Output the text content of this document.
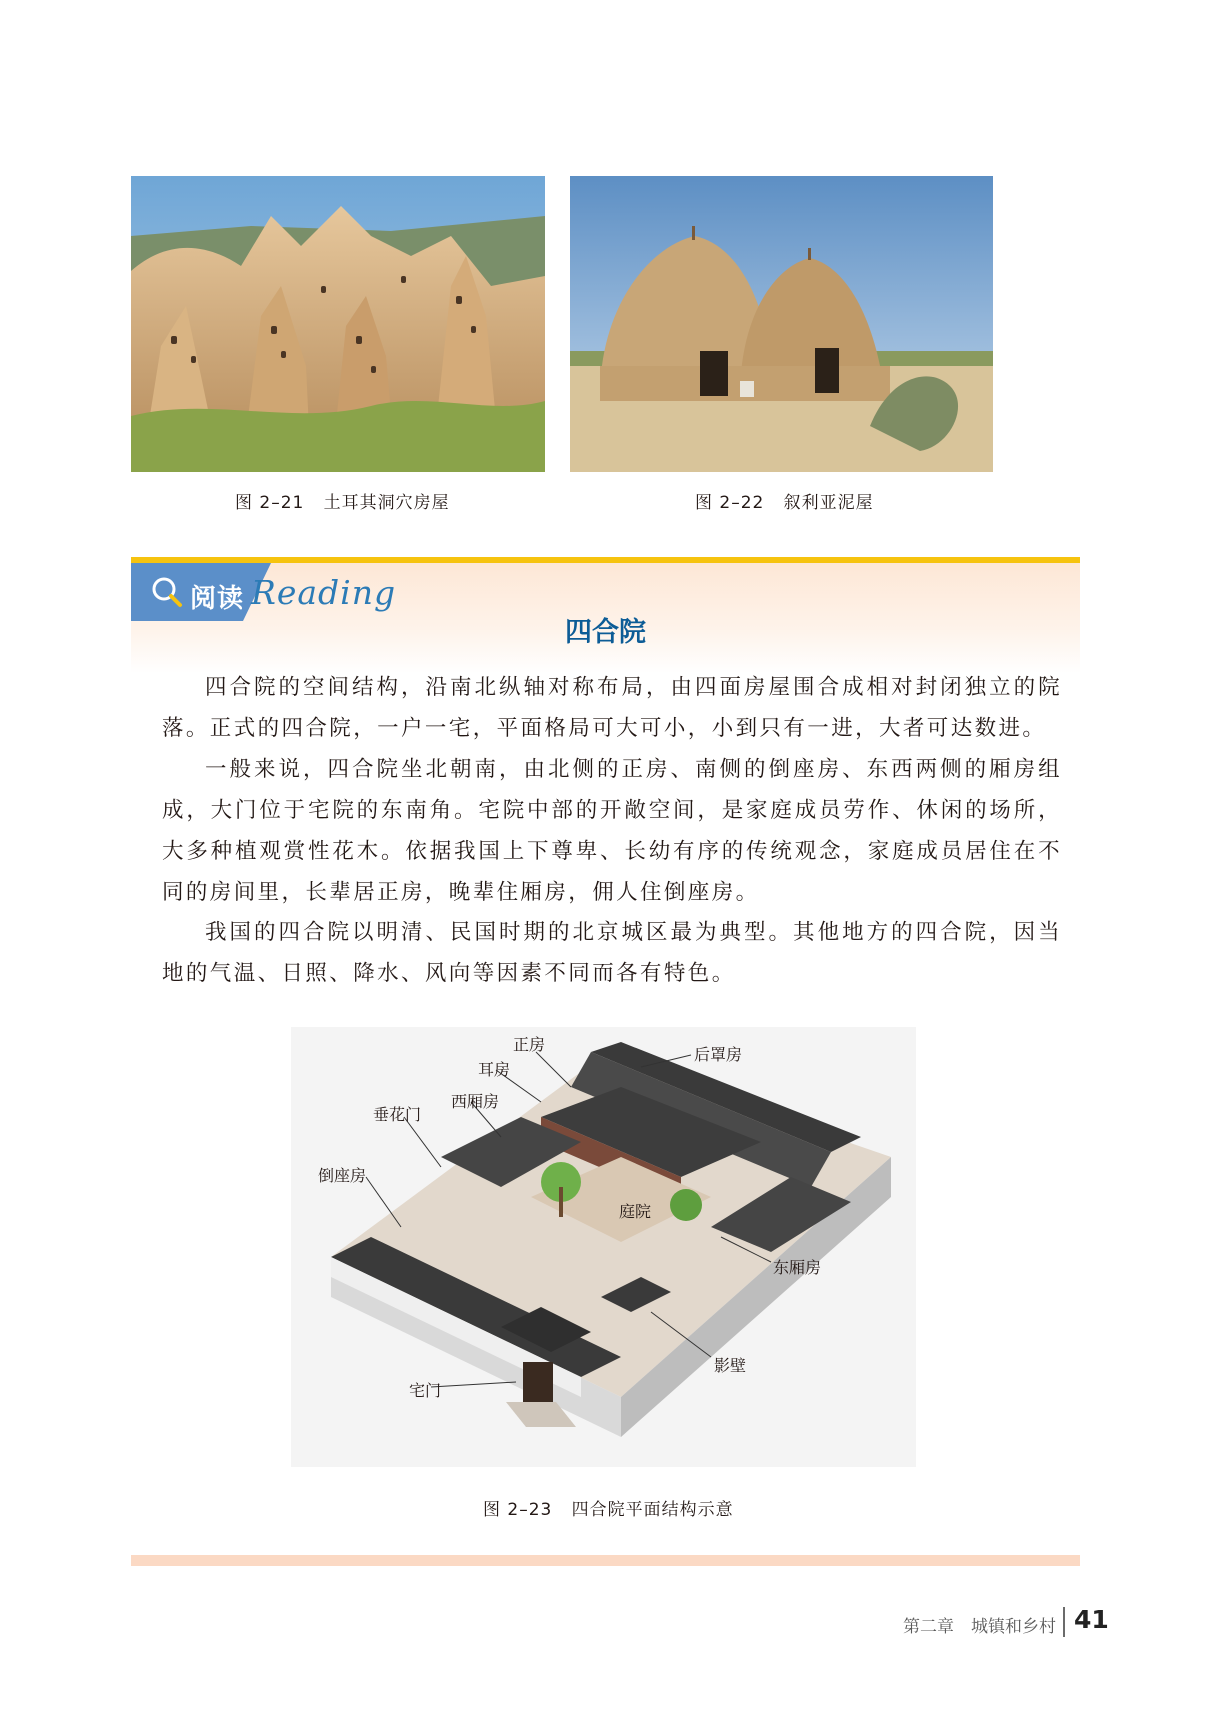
图 2–21 土耳其洞穴房屋	图 2–22 叙利亚泥屋
阅读 Reading
四合院

四合院的空间结构，沿南北纵轴对称布局，由四面房屋围合成相对封闭独立的院落。正式的四合院，一户一宅，平面格局可大可小，小到只有一进，大者可达数进。

一般来说，四合院坐北朝南，由北侧的正房、南侧的倒座房、东西两侧的厢房组成，大门位于宅院的东南角。宅院中部的开敞空间，是家庭成员劳作、休闲的场所，大多种植观赏性花木。依据我国上下尊卑、长幼有序的传统观念，家庭成员居住在不同的房间里，长辈居正房，晚辈住厢房，佣人住倒座房。

我国的四合院以明清、民国时期的北京城区最为典型。其他地方的四合院，因当地的气温、日照、降水、风向等因素不同而各有特色。

正房
后罩房
耳房
西厢房
垂花门
倒座房
庭院
东厢房
影壁
宅门
图 2–23 四合院平面结构示意
第二章　城镇和乡村 41
